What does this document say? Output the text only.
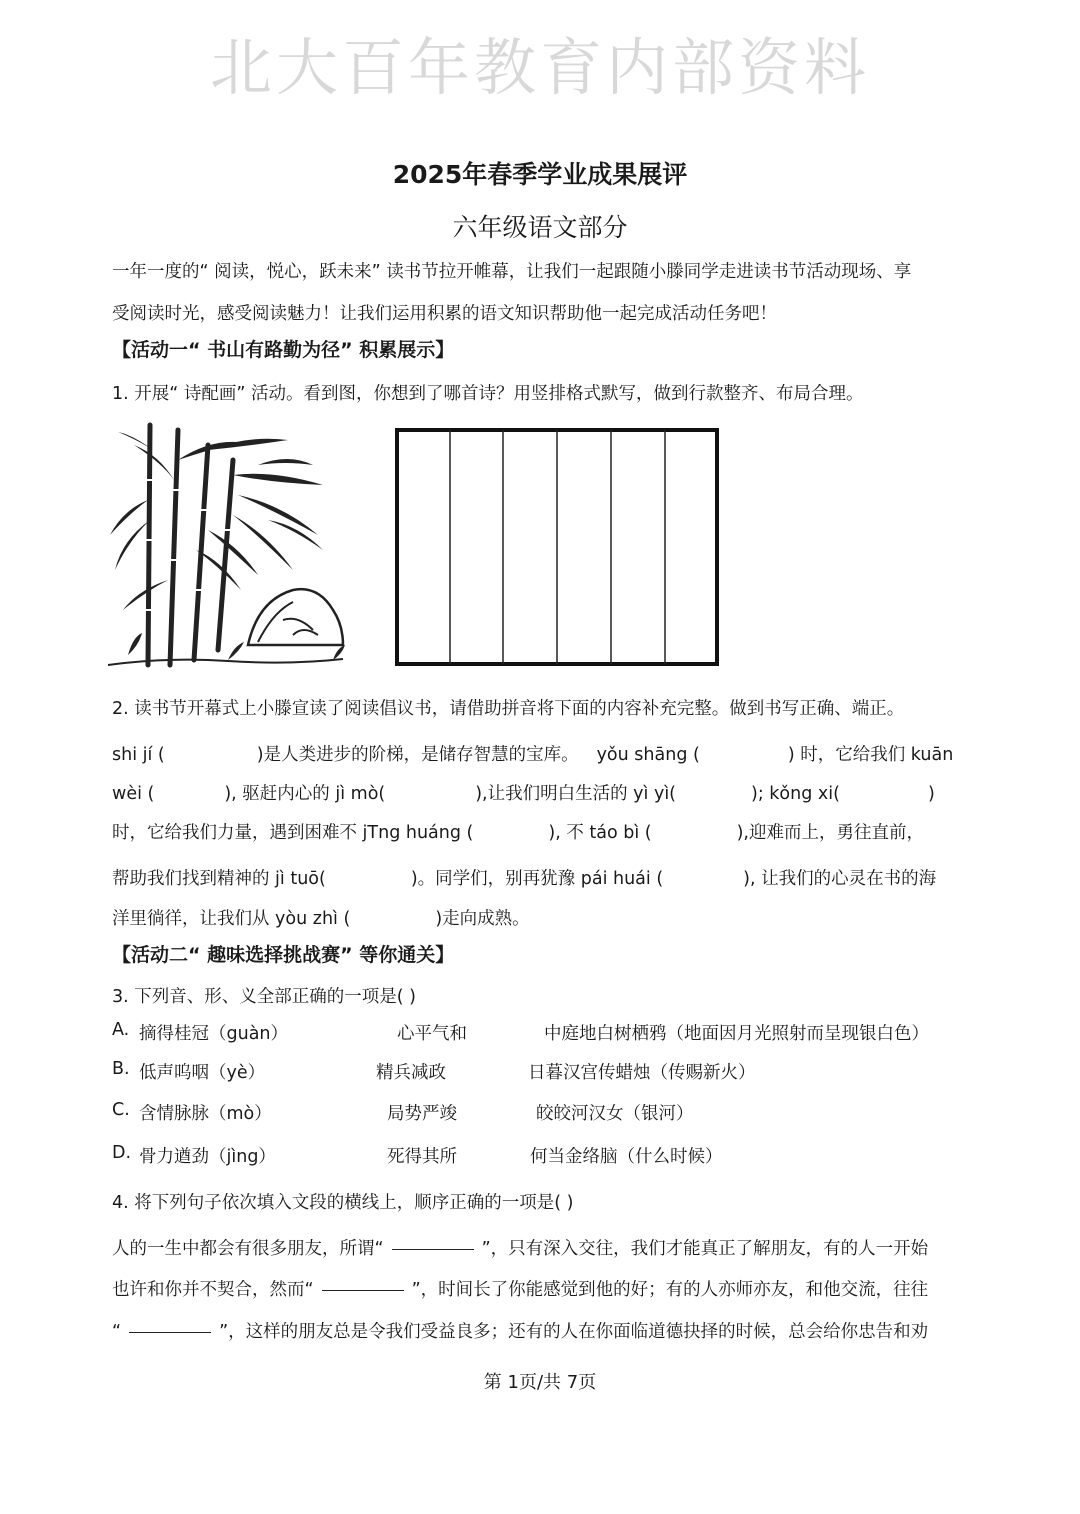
北大百年教育内部资料
2025年春季学业成果展评
六年级语文部分
一年一度的“ 阅读，悦心，跃未来” 读书节拉开帷幕，让我们一起跟随小滕同学走进读书节活动现场、享
受阅读时光，感受阅读魅力！让我们运用积累的语文知识帮助他一起完成活动任务吧！
【活动一“ 书山有路勤为径” 积累展示】
1. 开展“ 诗配画” 活动。看到图，你想到了哪首诗？用竖排格式默写，做到行款整齐、布局合理。
2. 读书节开幕式上小滕宣读了阅读倡议书，请借助拼音将下面的内容补充完整。做到书写正确、端正。
shi jí (	)是人类进步的阶梯，是储存智慧的宝库。 yǒu shāng (	) 时，它给我们 kuān
wèi (	), 驱赶内心的 jì mò(	),让我们明白生活的 yì yì(	); kǒng xi(	)
时，它给我们力量，遇到困难不 jTng huáng (	), 不 táo bì (	),迎难而上，勇往直前，
帮助我们找到精神的 jì tuō(	)。同学们，别再犹豫 pái huái (	), 让我们的心灵在书的海
洋里徜徉，让我们从 yòu zhì (	)走向成熟。
【活动二“ 趣味选择挑战赛” 等你通关】
3. 下列音、形、义全部正确的一项是( )
A. 摘得桂冠（guàn）	心平气和	中庭地白树栖鸦（地面因月光照射而呈现银白色）
B. 低声呜咽（yè）	精兵减政	日暮汉宫传蜡烛（传赐新火）
C. 含情脉脉（mò）	局势严竣	皎皎河汉女（银河）
D. 骨力遒劲（jìng）	死得其所	何当金络脑（什么时候）
4. 将下列句子依次填入文段的横线上，顺序正确的一项是( )
人的一生中都会有很多朋友，所谓“	”，只有深入交往，我们才能真正了解朋友，有的人一开始
也许和你并不契合，然而“	”，时间长了你能感觉到他的好；有的人亦师亦友，和他交流，往往
“	”，这样的朋友总是令我们受益良多；还有的人在你面临道德抉择的时候，总会给你忠告和劝
第 1页/共 7页
